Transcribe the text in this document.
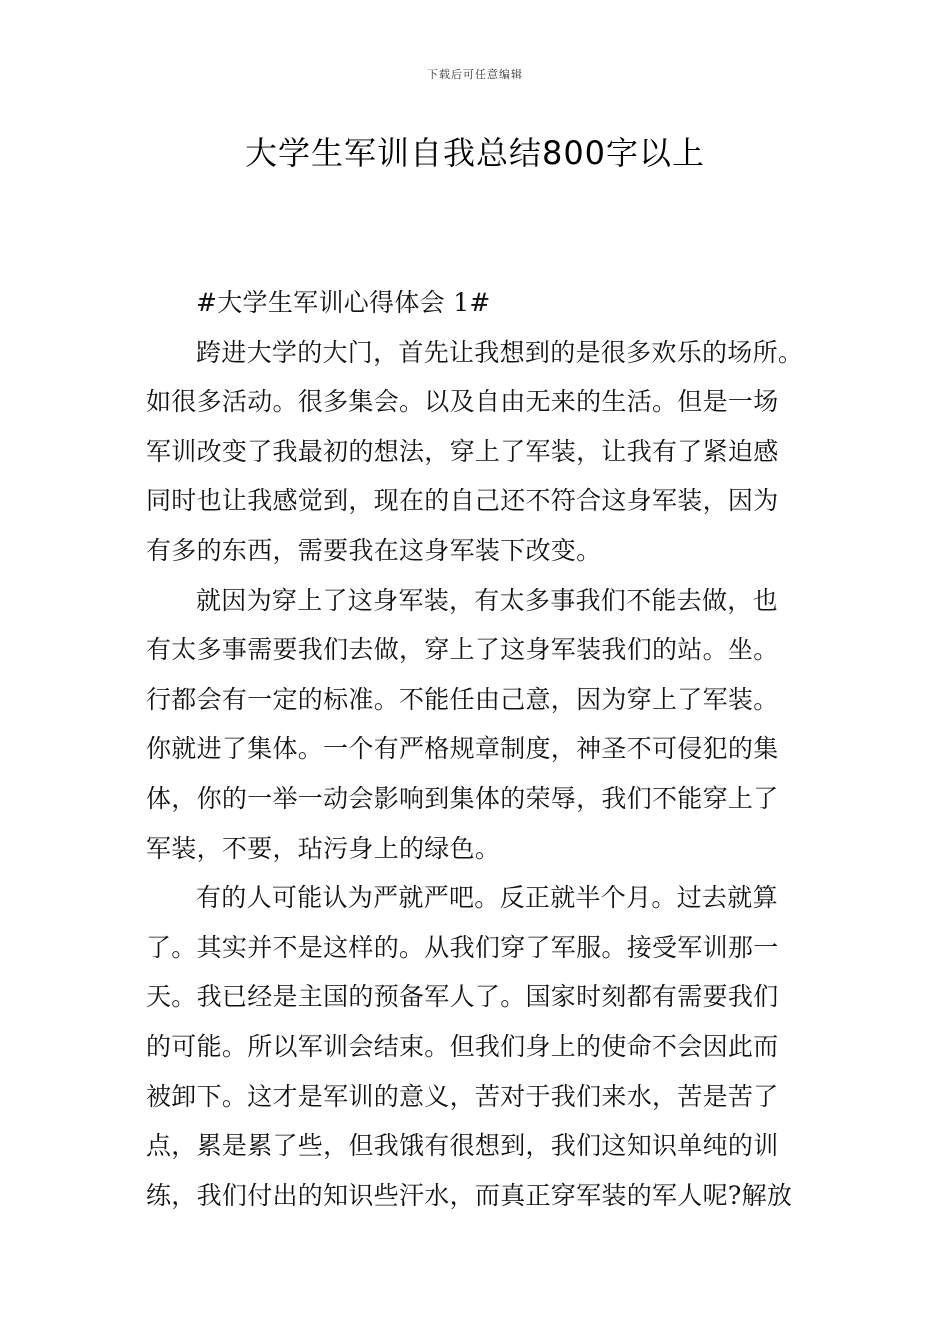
下载后可任意编辑
大学生军训自我总结800字以上
#大学生军训心得体会 1#
跨进大学的大门，首先让我想到的是很多欢乐的场所。
如很多活动。很多集会。以及自由无来的生活。但是一场
军训改变了我最初的想法，穿上了军装，让我有了紧迫感
同时也让我感觉到，现在的自己还不符合这身军装，因为
有多的东西，需要我在这身军装下改变。
就因为穿上了这身军装，有太多事我们不能去做，也
有太多事需要我们去做，穿上了这身军装我们的站。坐。
行都会有一定的标准。不能任由己意，因为穿上了军装。
你就进了集体。一个有严格规章制度，神圣不可侵犯的集
体，你的一举一动会影响到集体的荣辱，我们不能穿上了
军装，不要，玷污身上的绿色。
有的人可能认为严就严吧。反正就半个月。过去就算
了。其实并不是这样的。从我们穿了军服。接受军训那一
天。我已经是主国的预备军人了。国家时刻都有需要我们
的可能。所以军训会结束。但我们身上的使命不会因此而
被卸下。这才是军训的意义，苦对于我们来水，苦是苦了
点，累是累了些，但我饿有很想到，我们这知识单纯的训
练，我们付出的知识些汗水，而真正穿军装的军人呢?解放
